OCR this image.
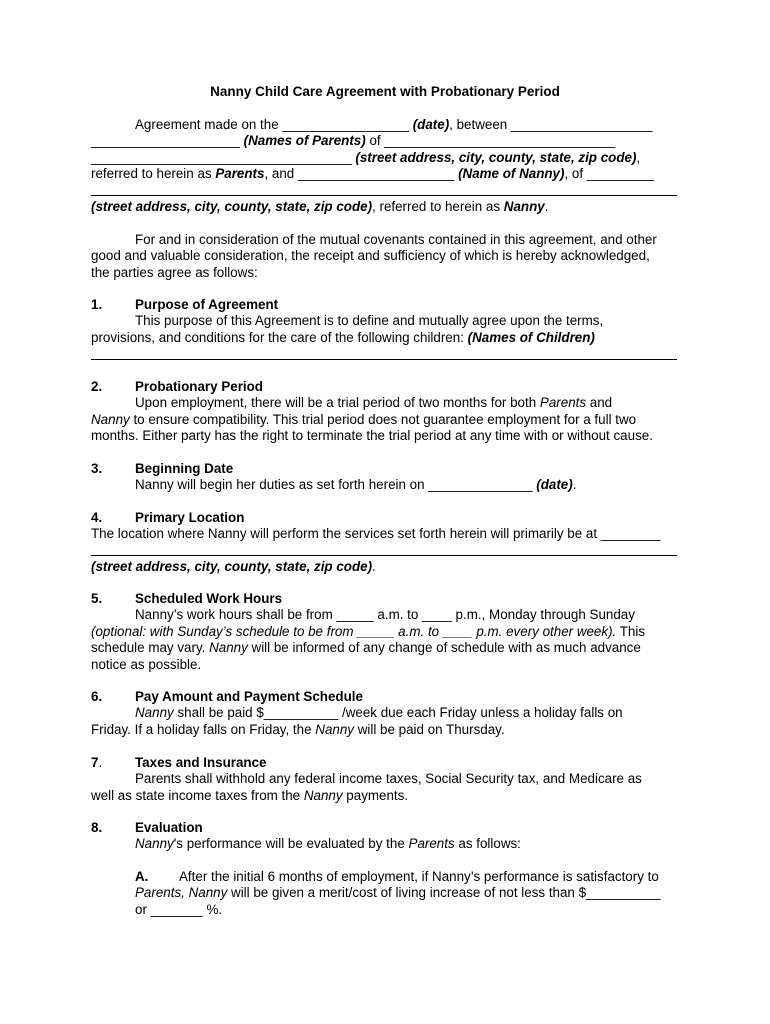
Nanny Child Care Agreement with Probationary Period
Agreement made on the _________________ (date), between ___________________
____________________ (Names of Parents) of _______________________________
___________________________________ (street address, city, county, state, zip code),
referred to herein as Parents, and _____________________ (Name of Nanny), of _________
(street address, city, county, state, zip code), referred to herein as Nanny.
For and in consideration of the mutual covenants contained in this agreement, and other
good and valuable consideration, the receipt and sufficiency of which is hereby acknowledged,
the parties agree as follows:
1. Purpose of Agreement
This purpose of this Agreement is to define and mutually agree upon the terms,
provisions, and conditions for the care of the following children: (Names of Children)
2. Probationary Period
Upon employment, there will be a trial period of two months for both Parents and
Nanny to ensure compatibility. This trial period does not guarantee employment for a full two
months. Either party has the right to terminate the trial period at any time with or without cause.
3. Beginning Date
Nanny will begin her duties as set forth herein on ______________ (date).
4. Primary Location
The location where Nanny will perform the services set forth herein will primarily be at ________
(street address, city, county, state, zip code).
5. Scheduled Work Hours
Nanny’s work hours shall be from _____ a.m. to ____ p.m., Monday through Sunday
(optional: with Sunday’s schedule to be from _____ a.m. to ____ p.m. every other week). This
schedule may vary. Nanny will be informed of any change of schedule with as much advance
notice as possible.
6. Pay Amount and Payment Schedule
Nanny shall be paid $__________ /week due each Friday unless a holiday falls on
Friday. If a holiday falls on Friday, the Nanny will be paid on Thursday.
7. Taxes and Insurance
Parents shall withhold any federal income taxes, Social Security tax, and Medicare as
well as state income taxes from the Nanny payments.
8. Evaluation
Nanny's performance will be evaluated by the Parents as follows:
A. After the initial 6 months of employment, if Nanny’s performance is satisfactory to
Parents, Nanny will be given a merit/cost of living increase of not less than $__________
or _______ %.
